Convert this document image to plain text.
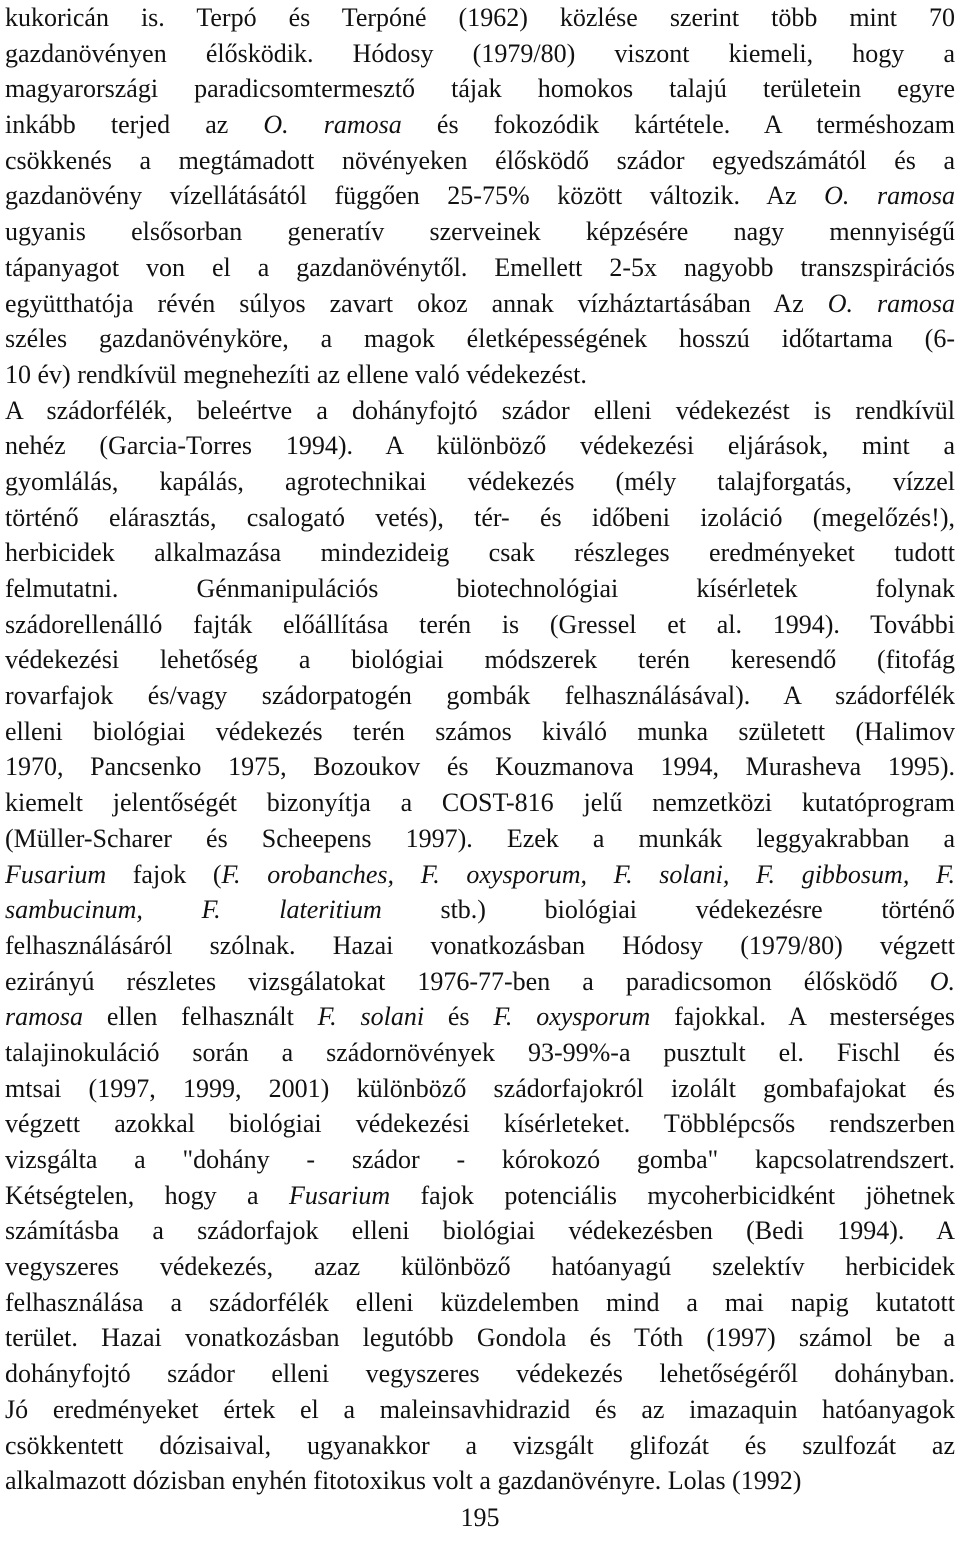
kukoricán is. Terpó és Terpóné (1962) közlése szerint több mint 70
gazdanövényen élősködik. Hódosy (1979/80) viszont kiemeli, hogy a
magyarországi paradicsomtermesztő tájak homokos talajú területein egyre
inkább terjed az O. ramosa és fokozódik kártétele. A terméshozam
csökkenés a megtámadott növényeken élősködő szádor egyedszámától és a
gazdanövény vízellátásától függően 25-75% között változik. Az O. ramosa
ugyanis elsősorban generatív szerveinek képzésére nagy mennyiségű
tápanyagot von el a gazdanövénytől. Emellett 2-5x nagyobb transzspirációs
együtthatója révén súlyos zavart okoz annak vízháztartásában Az O. ramosa
széles gazdanövényköre, a magok életképességének hosszú időtartama (6-
10 év) rendkívül megnehezíti az ellene való védekezést.
A szádorfélék, beleértve a dohányfojtó szádor elleni védekezést is rendkívül
nehéz (Garcia-Torres 1994). A különböző védekezési eljárások, mint a
gyomlálás, kapálás, agrotechnikai védekezés (mély talajforgatás, vízzel
történő elárasztás, csalogató vetés), tér- és időbeni izoláció (megelőzés!),
herbicidek alkalmazása mindezideig csak részleges eredményeket tudott
felmutatni. Génmanipulációs biotechnológiai kísérletek folynak
szádorellenálló fajták előállítása terén is (Gressel et al. 1994). További
védekezési lehetőség a biológiai módszerek terén keresendő (fitofág
rovarfajok és/vagy szádorpatogén gombák felhasználásával). A szádorfélék
elleni biológiai védekezés terén számos kiváló munka született (Halimov
1970, Pancsenko 1975, Bozoukov és Kouzmanova 1994, Murasheva 1995).
kiemelt jelentőségét bizonyítja a COST-816 jelű nemzetközi kutatóprogram
(Müller-Scharer és Scheepens 1997). Ezek a munkák leggyakrabban a
Fusarium fajok (F. orobanches, F. oxysporum, F. solani, F. gibbosum, F.
sambucinum, F. lateritium stb.) biológiai védekezésre történő
felhasználásáról szólnak. Hazai vonatkozásban Hódosy (1979/80) végzett
ezirányú részletes vizsgálatokat 1976-77-ben a paradicsomon élősködő O.
ramosa ellen felhasznált F. solani és F. oxysporum fajokkal. A mesterséges
talajinokuláció során a szádornövények 93-99%-a pusztult el. Fischl és
mtsai (1997, 1999, 2001) különböző szádorfajokról izolált gombafajokat és
végzett azokkal biológiai védekezési kísérleteket. Többlépcsős rendszerben
vizsgálta a "dohány - szádor - kórokozó gomba" kapcsolatrendszert.
Kétségtelen, hogy a Fusarium fajok potenciális mycoherbicidként jöhetnek
számításba a szádorfajok elleni biológiai védekezésben (Bedi 1994). A
vegyszeres védekezés, azaz különböző hatóanyagú szelektív herbicidek
felhasználása a szádorfélék elleni küzdelemben mind a mai napig kutatott
terület. Hazai vonatkozásban legutóbb Gondola és Tóth (1997) számol be a
dohányfojtó szádor elleni vegyszeres védekezés lehetőségéről dohányban.
Jó eredményeket értek el a maleinsavhidrazid és az imazaquin hatóanyagok
csökkentett dózisaival, ugyanakkor a vizsgált glifozát és szulfozát az
alkalmazott dózisban enyhén fitotoxikus volt a gazdanövényre. Lolas (1992)
195
